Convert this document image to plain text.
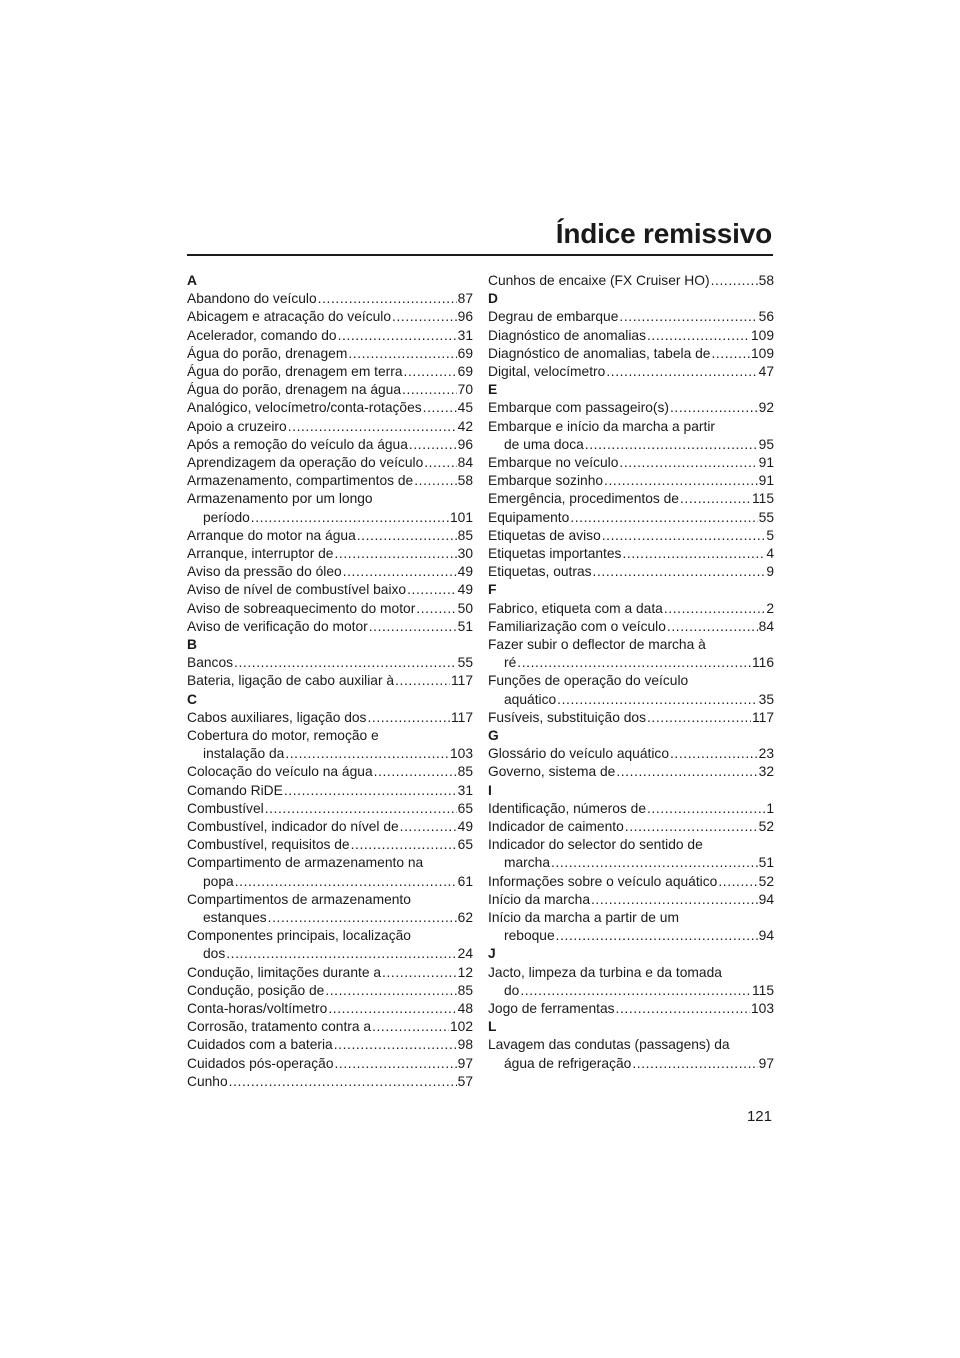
Índice remissivo
A
Abandono do veículo .....	87
Abicagem e atracação do veículo .....	96
Acelerador, comando do .....	31
Água do porão, drenagem .....	69
Água do porão, drenagem em terra .....	69
Água do porão, drenagem na água .....	70
Analógico, velocímetro/conta-rotações .....	45
Apoio a cruzeiro .....	42
Após a remoção do veículo da água .....	96
Aprendizagem da operação do veículo ..... 84
Armazenamento, compartimentos de .....	58
Armazenamento por um longo
período .....	101
Arranque do motor na água .....	85
Arranque, interruptor de .....	30
Aviso da pressão do óleo .....	49
Aviso de nível de combustível baixo .....	49
Aviso de sobreaquecimento do motor .....	50
Aviso de verificação do motor .....	51
B
Bancos .....	55
Bateria, ligação de cabo auxiliar à .....	117
C
Cabos auxiliares, ligação dos .....	117
Cobertura do motor, remoção e
instalação da .....	103
Colocação do veículo na água .....	85
Comando RiDE .....	31
Combustível .....	65
Combustível, indicador do nível de .....	49
Combustível, requisitos de .....	65
Compartimento de armazenamento na
popa .....	61
Compartimentos de armazenamento
estanques .....	62
Componentes principais, localização
dos .....	24
Condução, limitações durante a .....	12
Condução, posição de .....	85
Conta-horas/voltímetro .....	48
Corrosão, tratamento contra a .....	102
Cuidados com a bateria .....	98
Cuidados pós-operação .....	97
Cunho .....	57
Cunhos de encaixe (FX Cruiser HO) .....	58
D
Degrau de embarque .....	56
Diagnóstico de anomalias .....	109
Diagnóstico de anomalias, tabela de .....	109
Digital, velocímetro .....	47
E
Embarque com passageiro(s) .....	92
Embarque e início da marcha a partir
de uma doca .....	95
Embarque no veículo .....	91
Embarque sozinho .....	91
Emergência, procedimentos de .....	115
Equipamento .....	55
Etiquetas de aviso .....	5
Etiquetas importantes .....	4
Etiquetas, outras .....	9
F
Fabrico, etiqueta com a data .....	2
Familiarização com o veículo .....	84
Fazer subir o deflector de marcha à
ré .....	116
Funções de operação do veículo
aquático .....	35
Fusíveis, substituição dos .....	117
G
Glossário do veículo aquático .....	23
Governo, sistema de .....	32
I
Identificação, números de .....	1
Indicador de caimento .....	52
Indicador do selector do sentido de
marcha .....	51
Informações sobre o veículo aquático .....	52
Início da marcha .....	94
Início da marcha a partir de um
reboque .....	94
J
Jacto, limpeza da turbina e da tomada
do .....	115
Jogo de ferramentas .....	103
L
Lavagem das condutas (passagens) da
água de refrigeração .....	97
121
